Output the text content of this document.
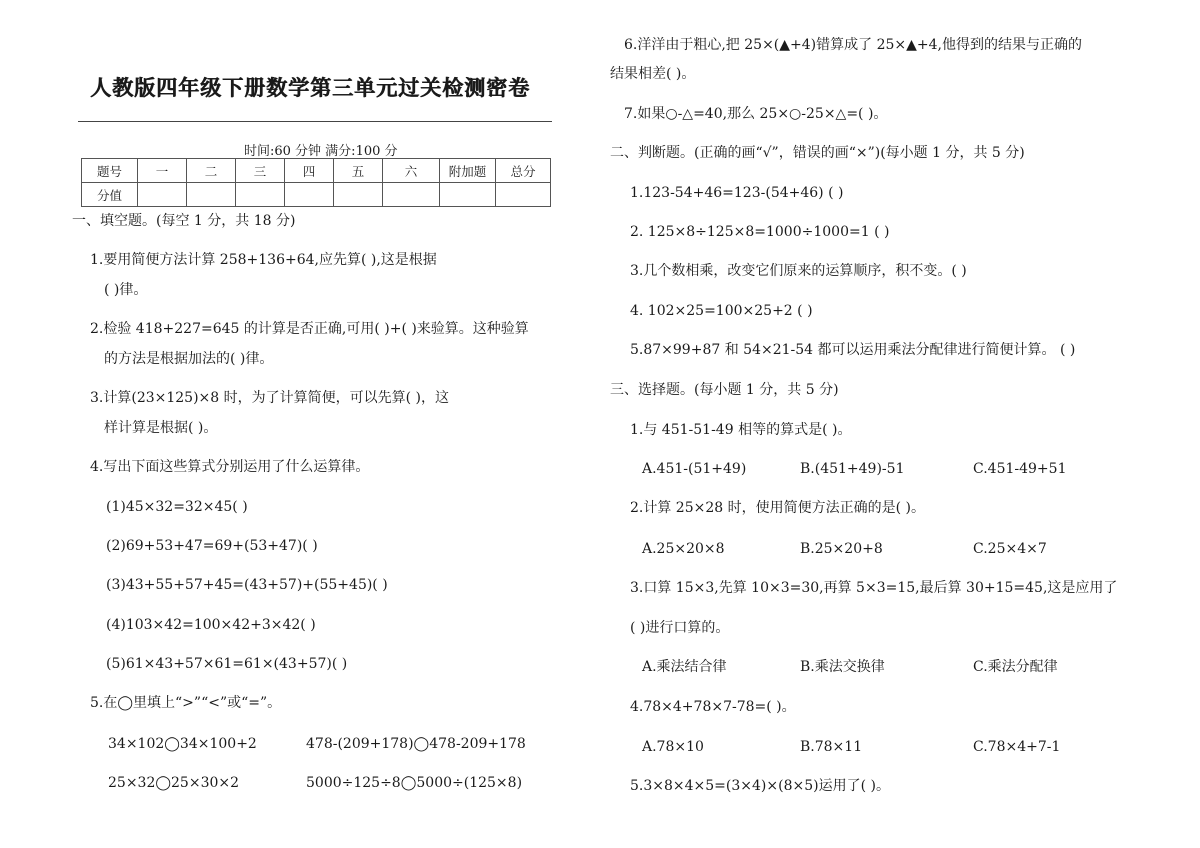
人教版四年级下册数学第三单元过关检测密卷
时间:60 分钟 满分:100 分
题号	一	二	三	四	五	六	附加题	总分
分值								
一、填空题。(每空 1 分，共 18 分)
1.要用简便方法计算 258+136+64,应先算( ),这是根据
( )律。
2.检验 418+227=645 的计算是否正确,可用( )+( )来验算。这种验算
的方法是根据加法的( )律。
3.计算(23×125)×8 时，为了计算简便，可以先算( )，这
样计算是根据( )。
4.写出下面这些算式分别运用了什么运算律。
(1)45×32=32×45( )
(2)69+53+47=69+(53+47)( )
(3)43+55+57+45=(43+57)+(55+45)( )
(4)103×42=100×42+3×42( )
(5)61×43+57×61=61×(43+57)( )
5.在◯里填上“>”“<”或“=”。
34×102◯34×100+2	478-(209+178)◯478-209+178
25×32◯25×30×2	5000÷125÷8◯5000÷(125×8)
6.洋洋由于粗心,把 25×(▲+4)错算成了 25×▲+4,他得到的结果与正确的
结果相差( )。
7.如果○-△=40,那么 25×○-25×△=( )。
二、判断题。(正确的画“√”，错误的画“×”)(每小题 1 分，共 5 分)
1.123-54+46=123-(54+46) ( )
2. 125×8÷125×8=1000÷1000=1 ( )
3.几个数相乘，改变它们原来的运算顺序，积不变。( )
4. 102×25=100×25+2 ( )
5.87×99+87 和 54×21-54 都可以运用乘法分配律进行简便计算。 ( )
三、选择题。(每小题 1 分，共 5 分)
1.与 451-51-49 相等的算式是( )。
A.451-(51+49)	B.(451+49)-51	C.451-49+51
2.计算 25×28 时，使用简便方法正确的是( )。
A.25×20×8	B.25×20+8	C.25×4×7
3.口算 15×3,先算 10×3=30,再算 5×3=15,最后算 30+15=45,这是应用了
( )进行口算的。
A.乘法结合律	B.乘法交换律	C.乘法分配律
4.78×4+78×7-78=( )。
A.78×10	B.78×11	C.78×4+7-1
5.3×8×4×5=(3×4)×(8×5)运用了( )。
